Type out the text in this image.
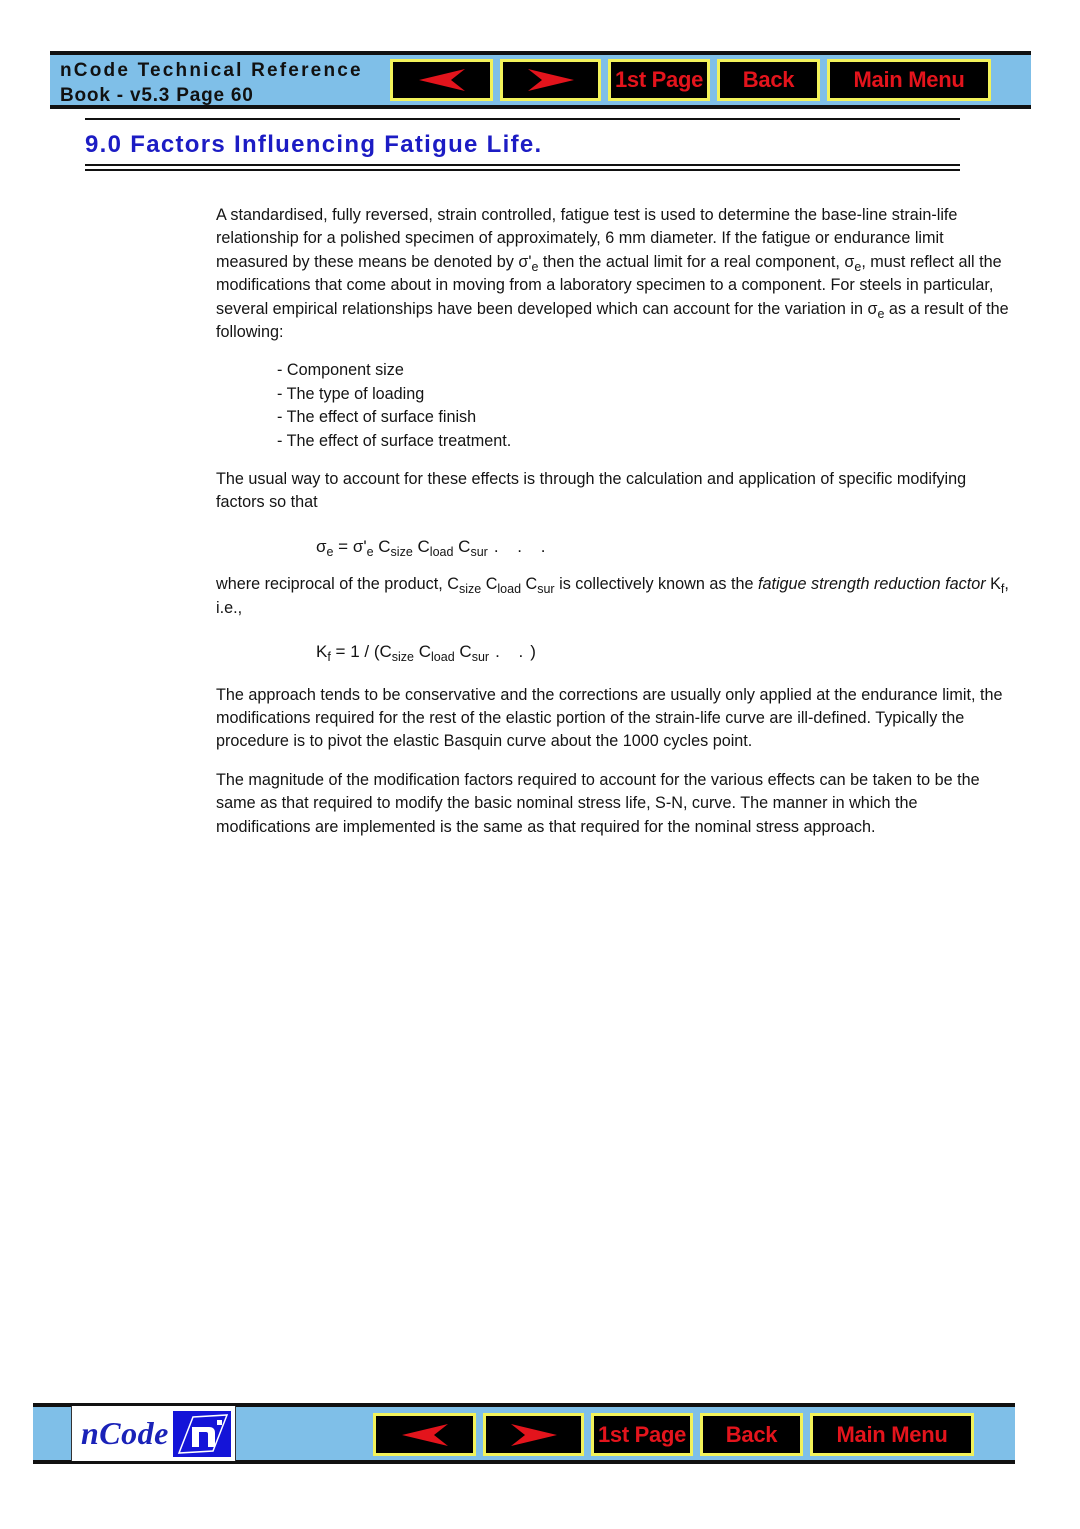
nCode Technical Reference
Book - v5.3 Page 60
1st Page	Back	Main Menu
9.0 Factors Influencing Fatigue Life.

A standardised, fully reversed, strain controlled, fatigue test is used to determine the base-line strain-life relationship for a polished specimen of approximately, 6 mm diameter. If the fatigue or endurance limit measured by these means be denoted by $\sigma'_e$ then the actual limit for a real component, $\sigma_e$, must reflect all the modifications that come about in moving from a laboratory specimen to a component. For steels in particular, several empirical relationships have been developed which can account for the variation in $\sigma_e$ as a result of the following:

- Component size
- The type of loading
- The effect of surface finish
- The effect of surface treatment.

The usual way to account for these effects is through the calculation and application of specific modifying factors so that

$\sigma_e = \sigma'_e$ $C_{size}$ $C_{load}$ $C_{sur}$ . . .

where reciprocal of the product, $C_{size}$ $C_{load}$ $C_{sur}$ is collectively known as the fatigue strength reduction factor $K_f$, i.e.,

$K_f = 1 / (C_{size}$ $C_{load}$ $C_{sur}$ . .)

The approach tends to be conservative and the corrections are usually only applied at the endurance limit, the modifications required for the rest of the elastic portion of the strain-life curve are ill-defined. Typically the procedure is to pivot the elastic Basquin curve about the 1000 cycles point.

The magnitude of the modification factors required to account for the various effects can be taken to be the same as that required to modify the basic nominal stress life, S-N, curve. The manner in which the modifications are implemented is the same as that required for the nominal stress approach.

nCode	1st Page	Back	Main Menu
